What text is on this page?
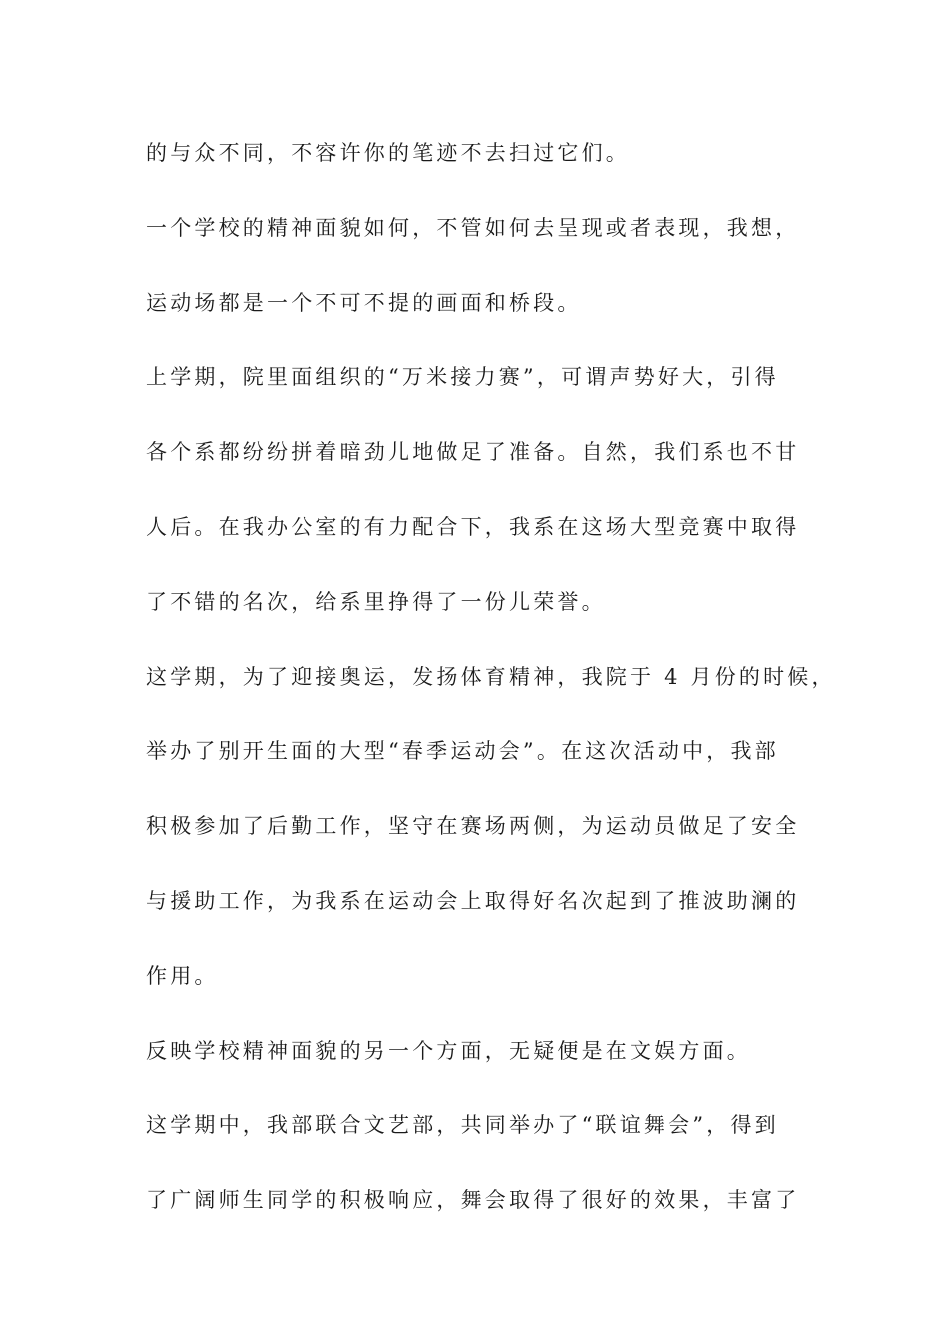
的与众不同，不容许你的笔迹不去扫过它们。
一个学校的精神面貌如何，不管如何去呈现或者表现，我想，
运动场都是一个不可不提的画面和桥段。
上学期，院里面组织的“万米接力赛”，可谓声势好大，引得
各个系都纷纷拼着暗劲儿地做足了准备。自然，我们系也不甘
人后。在我办公室的有力配合下，我系在这场大型竞赛中取得
了不错的名次，给系里挣得了一份儿荣誉。
这学期，为了迎接奥运，发扬体育精神，我院于 4 月份的时候，
举办了别开生面的大型“春季运动会”。在这次活动中，我部
积极参加了后勤工作，坚守在赛场两侧，为运动员做足了安全
与援助工作，为我系在运动会上取得好名次起到了推波助澜的
作用。
反映学校精神面貌的另一个方面，无疑便是在文娱方面。
这学期中，我部联合文艺部，共同举办了“联谊舞会”，得到
了广阔师生同学的积极响应，舞会取得了很好的效果，丰富了
